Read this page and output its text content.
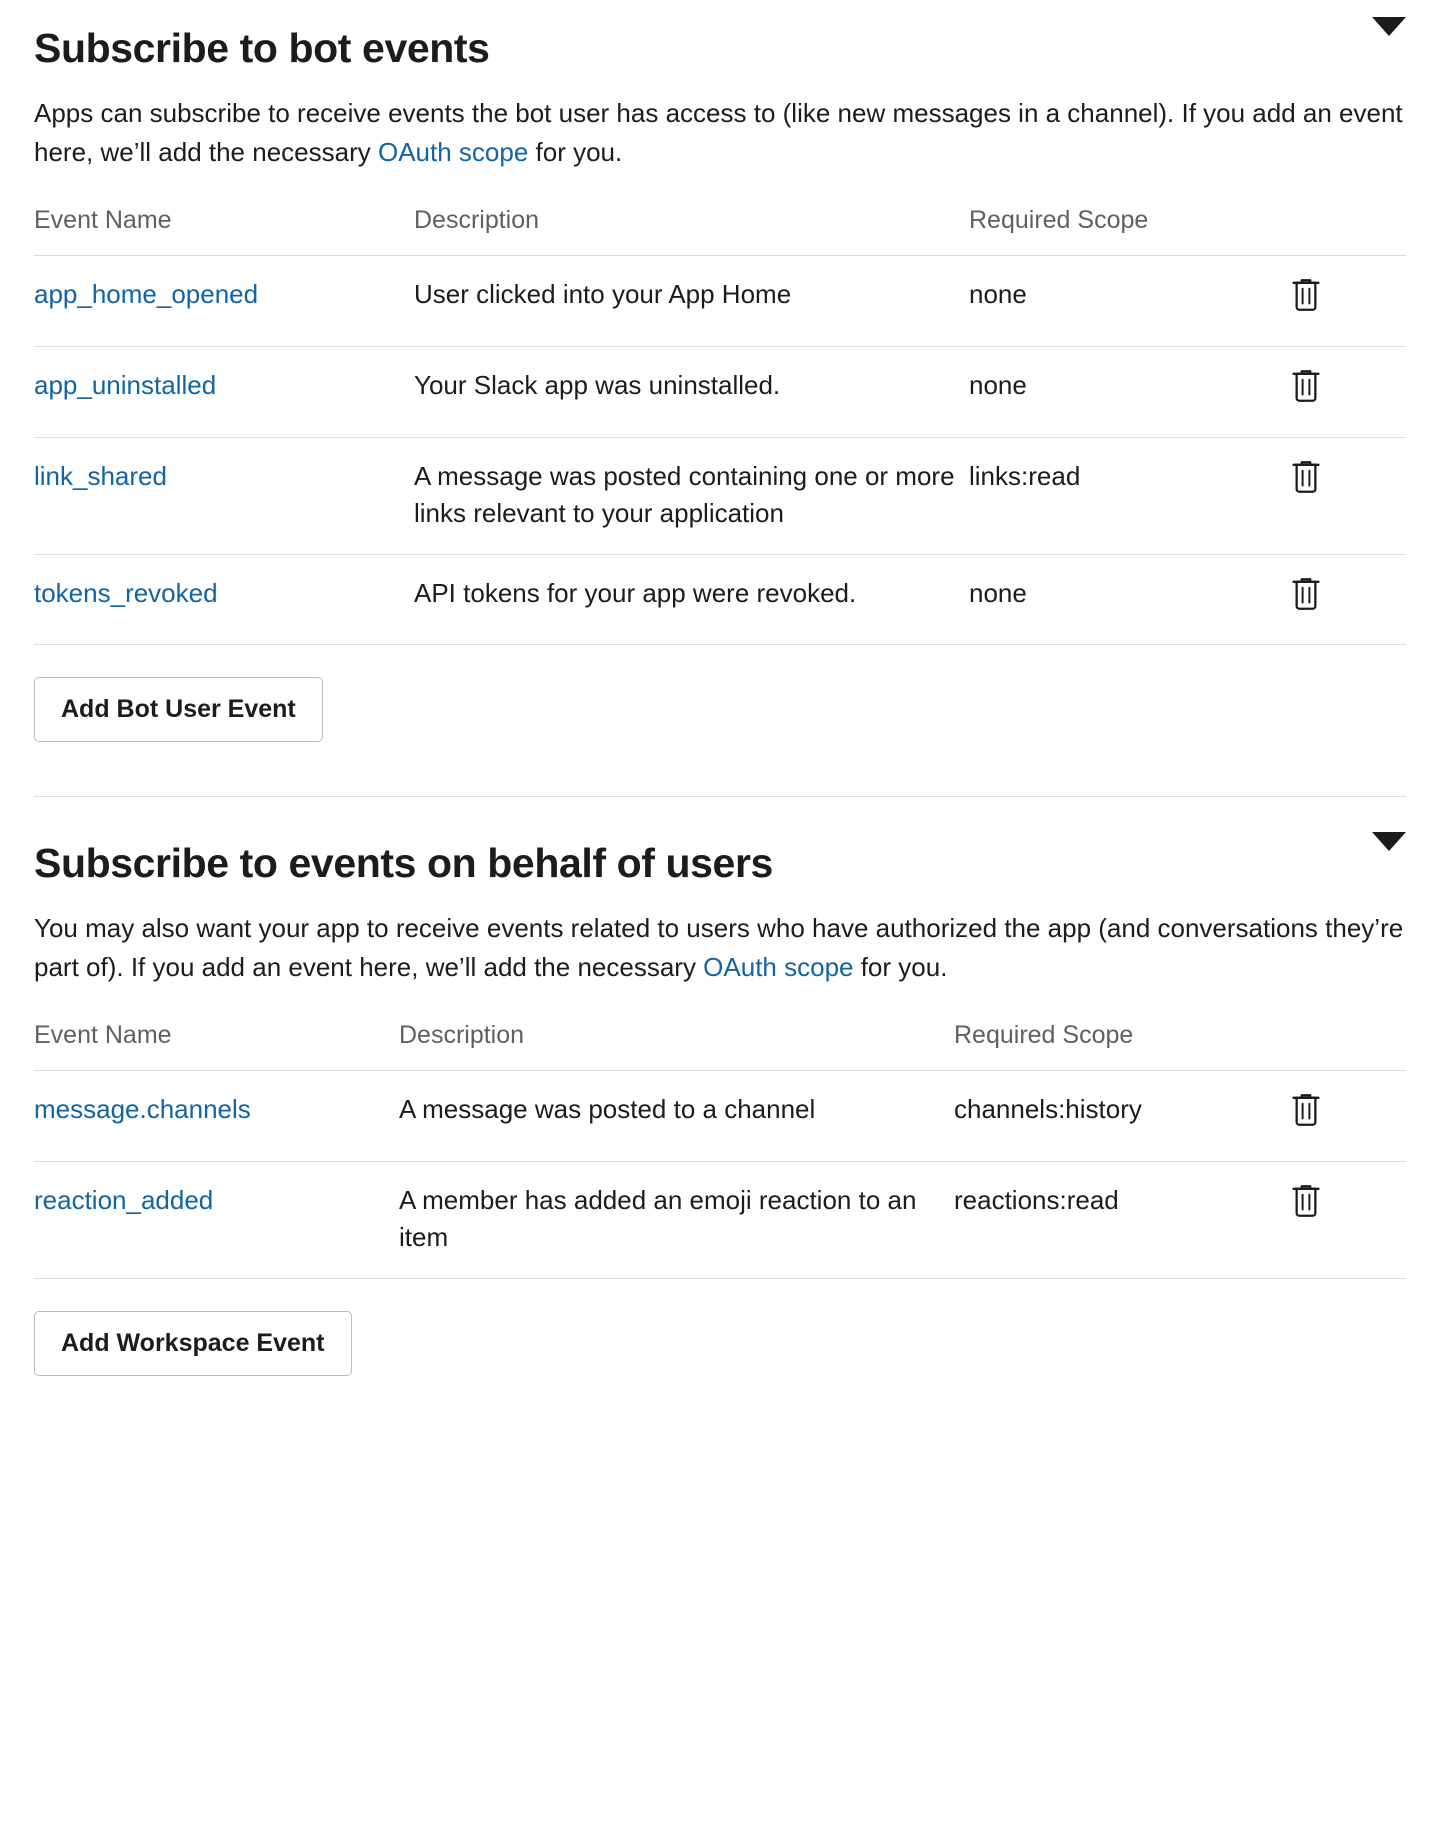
Subscribe to bot events

Apps can subscribe to receive events the bot user has access to (like new messages in a channel). If you add an event here, we’ll add the necessary OAuth scope for you.

Event Name	Description	Required Scope	
app_home_opened	User clicked into your App Home	none	
app_uninstalled	Your Slack app was uninstalled.	none	
link_shared	A message was posted containing one or more links relevant to your application	links:read	
tokens_revoked	API tokens for your app were revoked.	none	
Add Bot User Event
Subscribe to events on behalf of users

You may also want your app to receive events related to users who have authorized the app (and conversations they’re part of). If you add an event here, we’ll add the necessary OAuth scope for you.

Event Name	Description	Required Scope	
message.channels	A message was posted to a channel	channels:history	
reaction_added	A member has added an emoji reaction to an item	reactions:read	
Add Workspace Event
